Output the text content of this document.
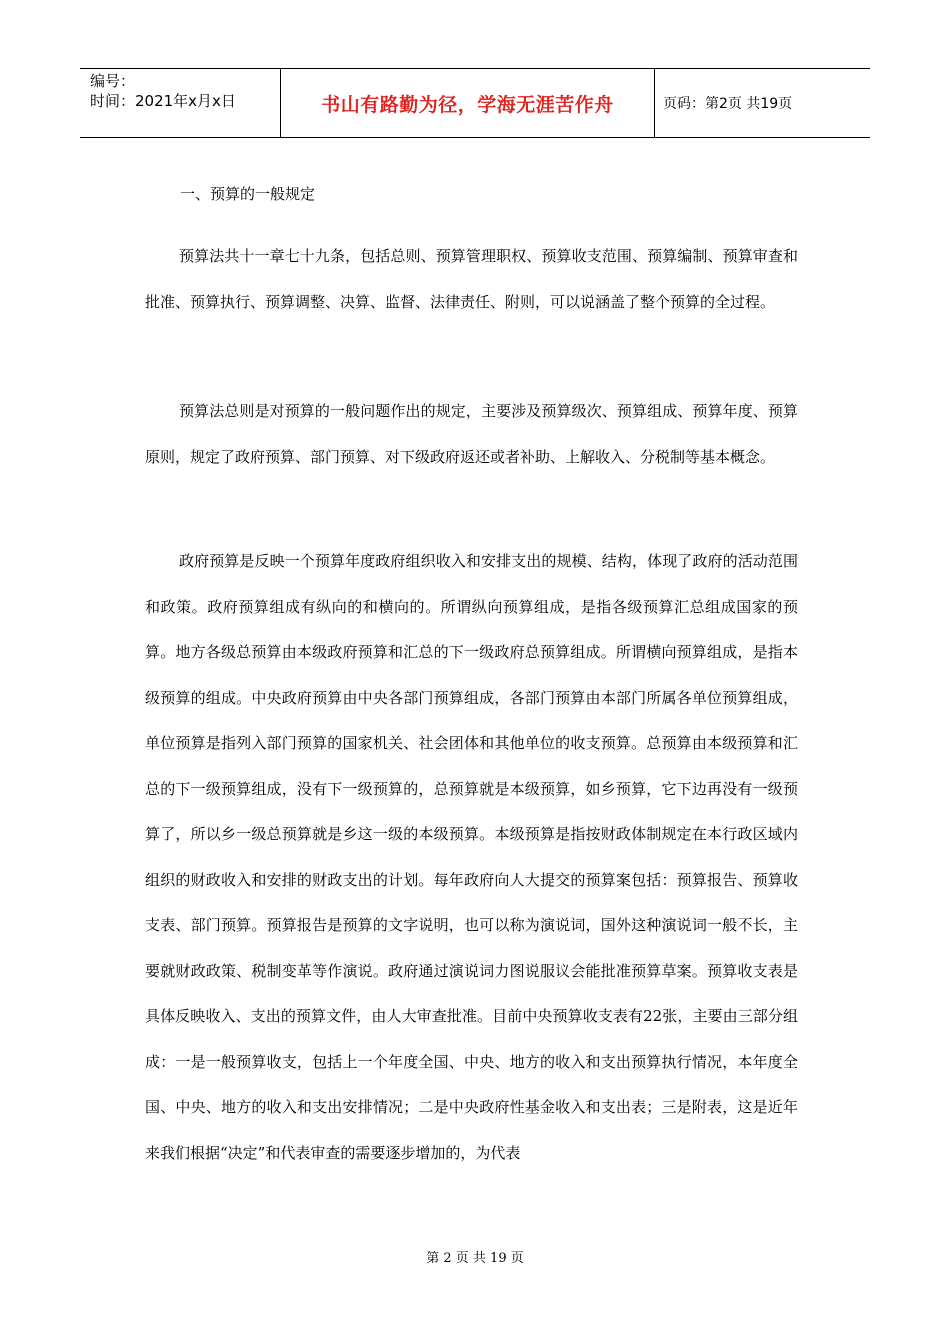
编号：
时间：2021年x月x日	书山有路勤为径，学海无涯苦作舟	页码：第2页 共19页
一、预算的一般规定
预算法共十一章七十九条，包括总则、预算管理职权、预算收支范围、预算编制、预算审查和批准、预算执行、预算调整、决算、监督、法律责任、附则，可以说涵盖了整个预算的全过程。
预算法总则是对预算的一般问题作出的规定，主要涉及预算级次、预算组成、预算年度、预算原则，规定了政府预算、部门预算、对下级政府返还或者补助、上解收入、分税制等基本概念。
政府预算是反映一个预算年度政府组织收入和安排支出的规模、结构，体现了政府的活动范围和政策。政府预算组成有纵向的和横向的。所谓纵向预算组成，是指各级预算汇总组成国家的预算。地方各级总预算由本级政府预算和汇总的下一级政府总预算组成。所谓横向预算组成，是指本级预算的组成。中央政府预算由中央各部门预算组成，各部门预算由本部门所属各单位预算组成，单位预算是指列入部门预算的国家机关、社会团体和其他单位的收支预算。总预算由本级预算和汇总的下一级预算组成，没有下一级预算的，总预算就是本级预算，如乡预算，它下边再没有一级预算了，所以乡一级总预算就是乡这一级的本级预算。本级预算是指按财政体制规定在本行政区域内组织的财政收入和安排的财政支出的计划。每年政府向人大提交的预算案包括：预算报告、预算收支表、部门预算。预算报告是预算的文字说明，也可以称为演说词，国外这种演说词一般不长，主要就财政政策、税制变革等作演说。政府通过演说词力图说服议会能批准预算草案。预算收支表是具体反映收入、支出的预算文件，由人大审查批准。目前中央预算收支表有22张，主要由三部分组成：一是一般预算收支，包括上一个年度全国、中央、地方的收入和支出预算执行情况，本年度全国、中央、地方的收入和支出安排情况；二是中央政府性基金收入和支出表；三是附表，这是近年来我们根据“决定”和代表审查的需要逐步增加的，为代表
第 2 页 共 19 页
